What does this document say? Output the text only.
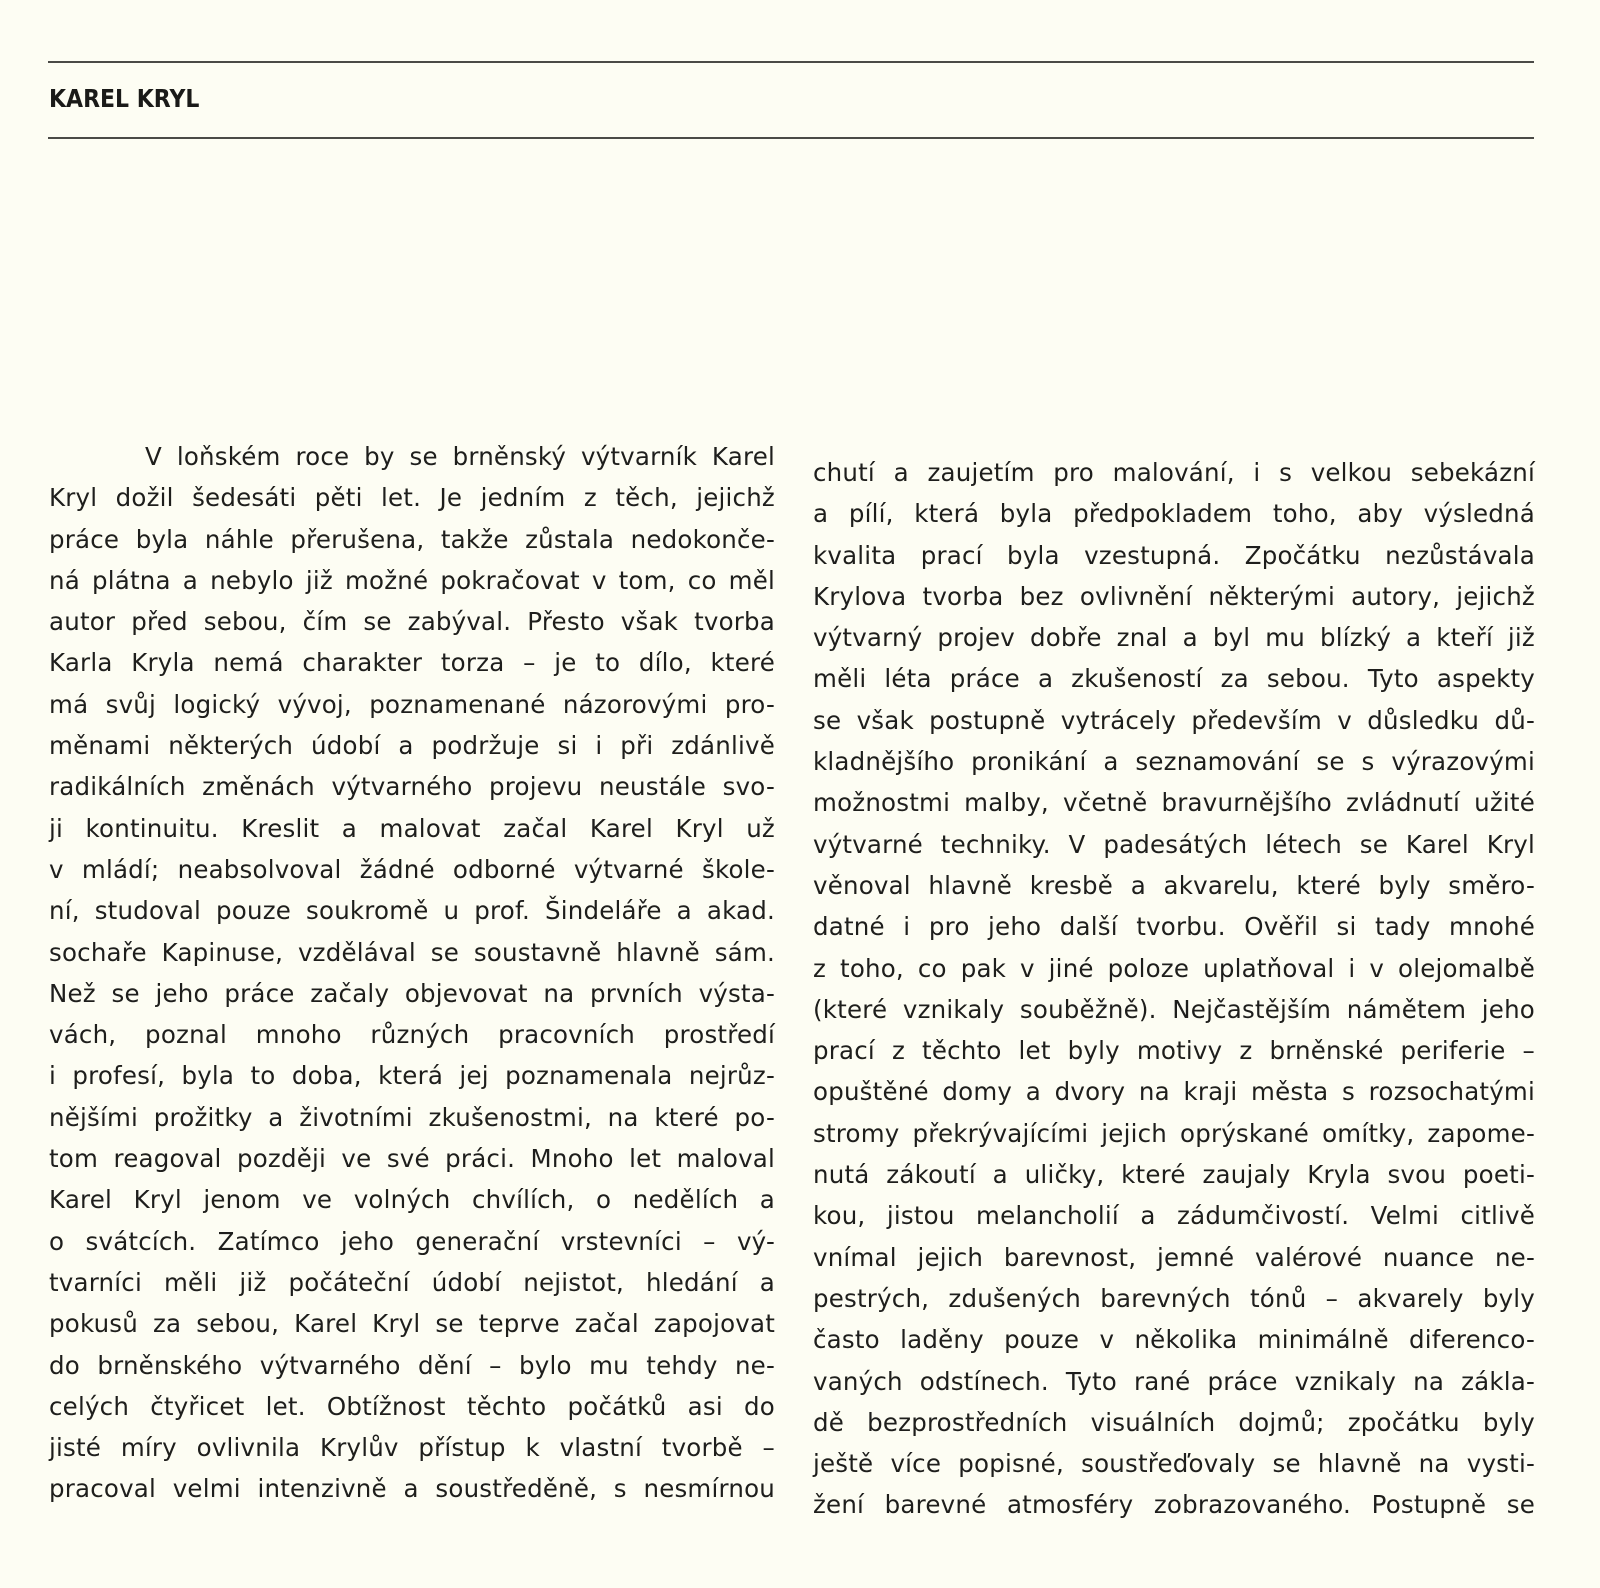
KAREL KRYL
V loňském roce by se brněnský výtvarník Karel
Kryl dožil šedesáti pěti let. Je jedním z těch, jejichž
práce byla náhle přerušena, takže zůstala nedokonče-
ná plátna a nebylo již možné pokračovat v tom, co měl
autor před sebou, čím se zabýval. Přesto však tvorba
Karla Kryla nemá charakter torza – je to dílo, které
má svůj logický vývoj, poznamenané názorovými pro-
měnami některých údobí a podržuje si i při zdánlivě
radikálních změnách výtvarného projevu neustále svo-
ji kontinuitu. Kreslit a malovat začal Karel Kryl už
v mládí; neabsolvoval žádné odborné výtvarné škole-
ní, studoval pouze soukromě u prof. Šindeláře a akad.
sochaře Kapinuse, vzdělával se soustavně hlavně sám.
Než se jeho práce začaly objevovat na prvních výsta-
vách, poznal mnoho různých pracovních prostředí
i profesí, byla to doba, která jej poznamenala nejrůz-
nějšími prožitky a životními zkušenostmi, na které po-
tom reagoval později ve své práci. Mnoho let maloval
Karel Kryl jenom ve volných chvílích, o nedělích a
o svátcích. Zatímco jeho generační vrstevníci – vý-
tvarníci měli již počáteční údobí nejistot, hledání a
pokusů za sebou, Karel Kryl se teprve začal zapojovat
do brněnského výtvarného dění – bylo mu tehdy ne-
celých čtyřicet let. Obtížnost těchto počátků asi do
jisté míry ovlivnila Krylův přístup k vlastní tvorbě –
pracoval velmi intenzivně a soustředěně, s nesmírnou
chutí a zaujetím pro malování, i s velkou sebekázní
a pílí, která byla předpokladem toho, aby výsledná
kvalita prací byla vzestupná. Zpočátku nezůstávala
Krylova tvorba bez ovlivnění některými autory, jejichž
výtvarný projev dobře znal a byl mu blízký a kteří již
měli léta práce a zkušeností za sebou. Tyto aspekty
se však postupně vytrácely především v důsledku dů-
kladnějšího pronikání a seznamování se s výrazovými
možnostmi malby, včetně bravurnějšího zvládnutí užité
výtvarné techniky. V padesátých létech se Karel Kryl
věnoval hlavně kresbě a akvarelu, které byly směro-
datné i pro jeho další tvorbu. Ověřil si tady mnohé
z toho, co pak v jiné poloze uplatňoval i v olejomalbě
(které vznikaly souběžně). Nejčastějším námětem jeho
prací z těchto let byly motivy z brněnské periferie –
opuštěné domy a dvory na kraji města s rozsochatými
stromy překrývajícími jejich oprýskané omítky, zapome-
nutá zákoutí a uličky, které zaujaly Kryla svou poeti-
kou, jistou melancholií a zádumčivostí. Velmi citlivě
vnímal jejich barevnost, jemné valérové nuance ne-
pestrých, zdušených barevných tónů – akvarely byly
často laděny pouze v několika minimálně diferenco-
vaných odstínech. Tyto rané práce vznikaly na zákla-
dě bezprostředních visuálních dojmů; zpočátku byly
ještě více popisné, soustřeďovaly se hlavně na vysti-
žení barevné atmosféry zobrazovaného. Postupně se
